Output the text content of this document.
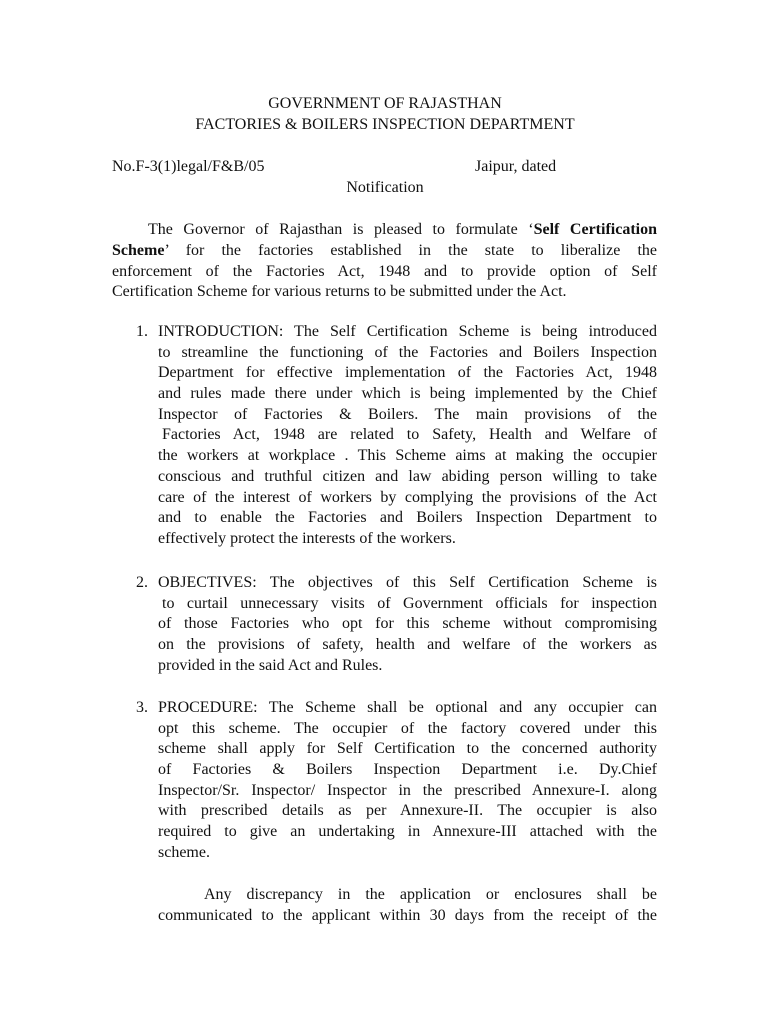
GOVERNMENT OF RAJASTHAN
FACTORIES & BOILERS INSPECTION DEPARTMENT
No.F-3(1)legal/F&B/05	Jaipur, dated
Notification
The Governor of Rajasthan is pleased to formulate ‘Self Certification
Scheme’ for the factories established in the state to liberalize the
enforcement of the Factories Act, 1948 and to provide option of Self
Certification Scheme for various returns to be submitted under the Act.
1. INTRODUCTION: The Self Certification Scheme is being introduced
to streamline the functioning of the Factories and Boilers Inspection
Department for effective implementation of the Factories Act, 1948
and rules made there under which is being implemented by the Chief
Inspector of Factories & Boilers. The main provisions of the
Factories Act, 1948 are related to Safety, Health and Welfare of
the workers at workplace . This Scheme aims at making the occupier
conscious and truthful citizen and law abiding person willing to take
care of the interest of workers by complying the provisions of the Act
and to enable the Factories and Boilers Inspection Department to
effectively protect the interests of the workers.
2. OBJECTIVES: The objectives of this Self Certification Scheme is
to curtail unnecessary visits of Government officials for inspection
of those Factories who opt for this scheme without compromising
on the provisions of safety, health and welfare of the workers as
provided in the said Act and Rules.
3. PROCEDURE: The Scheme shall be optional and any occupier can
opt this scheme. The occupier of the factory covered under this
scheme shall apply for Self Certification to the concerned authority
of Factories & Boilers Inspection Department i.e. Dy.Chief
Inspector/Sr. Inspector/ Inspector in the prescribed Annexure-I. along
with prescribed details as per Annexure-II. The occupier is also
required to give an undertaking in Annexure-III attached with the
scheme.
Any discrepancy in the application or enclosures shall be
communicated to the applicant within 30 days from the receipt of the
